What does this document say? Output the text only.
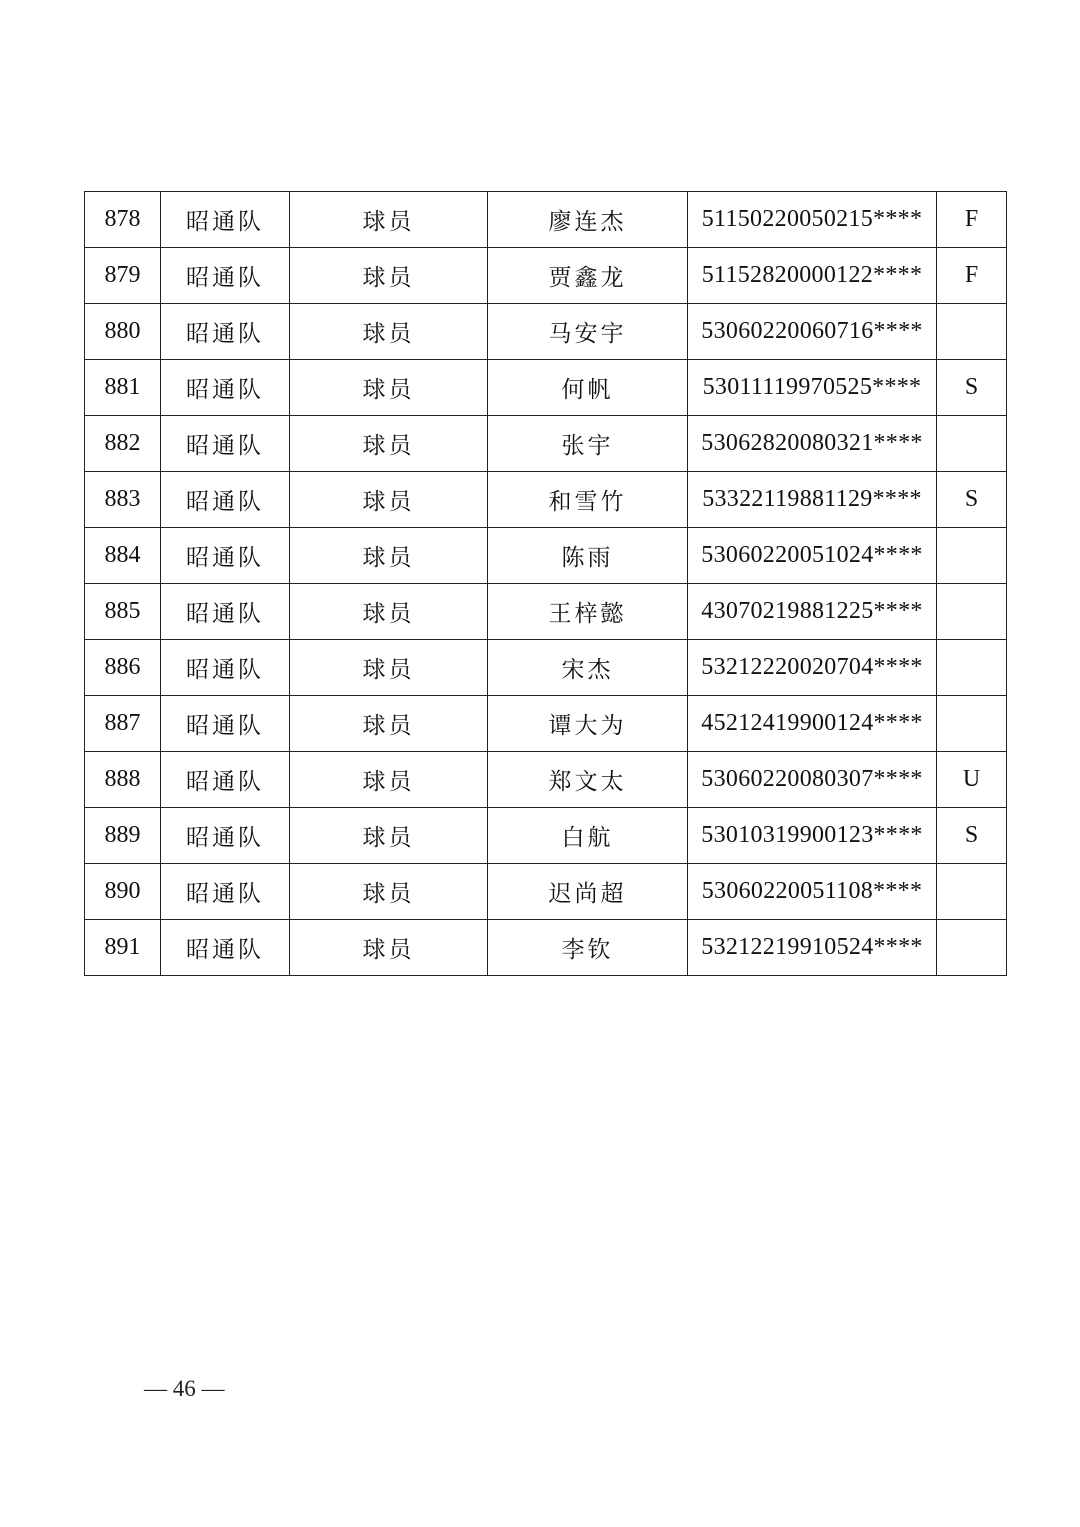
878	昭通队	球员	廖连杰	51150220050215****	F
879	昭通队	球员	贾鑫龙	51152820000122****	F
880	昭通队	球员	马安宇	53060220060716****	
881	昭通队	球员	何帆	53011119970525****	S
882	昭通队	球员	张宇	53062820080321****	
883	昭通队	球员	和雪竹	53322119881129****	S
884	昭通队	球员	陈雨	53060220051024****	
885	昭通队	球员	王梓懿	43070219881225****	
886	昭通队	球员	宋杰	53212220020704****	
887	昭通队	球员	谭大为	45212419900124****	
888	昭通队	球员	郑文太	53060220080307****	U
889	昭通队	球员	白航	53010319900123****	S
890	昭通队	球员	迟尚超	53060220051108****	
891	昭通队	球员	李钦	53212219910524****	
— 46 —
